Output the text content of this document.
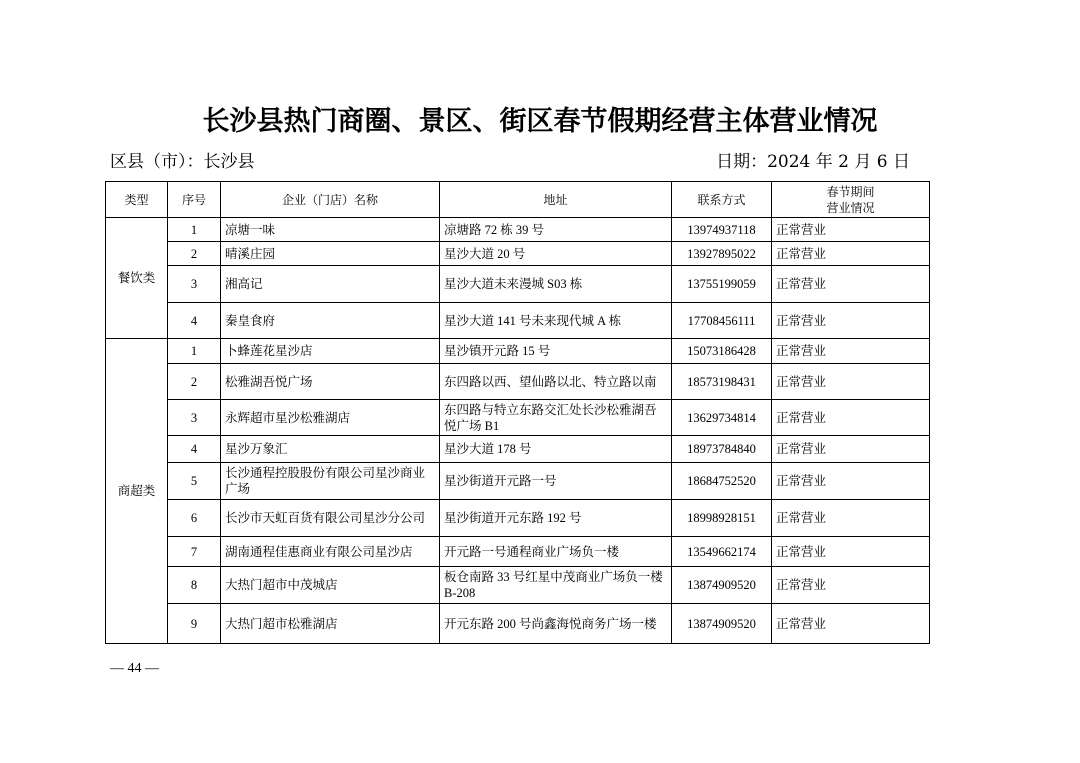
长沙县热门商圈、景区、街区春节假期经营主体营业情况
区县（市）：长沙县	日期：2024 年 2 月 6 日
类型	序号	企业（门店）名称	地址	联系方式	春节期间
营业情况
餐饮类	1	凉塘一味	凉塘路 72 栋 39 号	13974937118	正常营业
	2	晴溪庄园	星沙大道 20 号	13927895022	正常营业
	3	湘高记	星沙大道未来漫城 S03 栋	13755199059	正常营业
	4	秦皇食府	星沙大道 141 号未来现代城 A 栋	17708456111	正常营业
商超类	1	卜蜂莲花星沙店	星沙镇开元路 15 号	15073186428	正常营业
	2	松雅湖吾悦广场	东四路以西、望仙路以北、特立路以南	18573198431	正常营业
	3	永辉超市星沙松雅湖店	东四路与特立东路交汇处长沙松雅湖吾悦广场 B1	13629734814	正常营业
	4	星沙万象汇	星沙大道 178 号	18973784840	正常营业
	5	长沙通程控股股份有限公司星沙商业广场	星沙街道开元路一号	18684752520	正常营业
	6	长沙市天虹百货有限公司星沙分公司	星沙街道开元东路 192 号	18998928151	正常营业
	7	湖南通程佳惠商业有限公司星沙店	开元路一号通程商业广场负一楼	13549662174	正常营业
	8	大热门超市中茂城店	板仓南路 33 号红星中茂商业广场负一楼 B-208	13874909520	正常营业
	9	大热门超市松雅湖店	开元东路 200 号尚鑫海悦商务广场一楼	13874909520	正常营业
— 44 —
